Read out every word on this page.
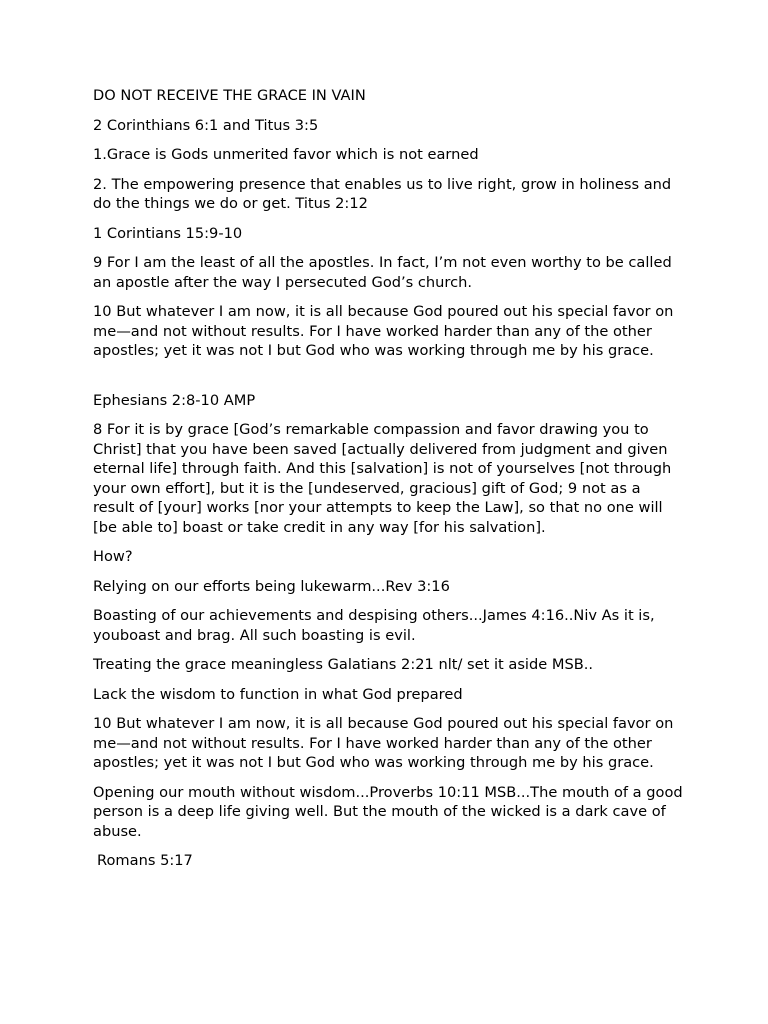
DO NOT RECEIVE THE GRACE IN VAIN

2 Corinthians 6:1 and Titus 3:5

1.Grace is Gods unmerited favor which is not earned

2. The empowering presence that enables us to live right, grow in holiness and do the things we do or get. Titus 2:12

1 Corintians 15:9-10

9 For I am the least of all the apostles. In fact, I’m not even worthy to be called an apostle after the way I persecuted God’s church.

10 But whatever I am now, it is all because God poured out his special favor on me—and not without results. For I have worked harder than any of the other apostles; yet it was not I but God who was working through me by his grace.

Ephesians 2:8-10 AMP

8 For it is by grace [God’s remarkable compassion and favor drawing you to Christ] that you have been saved [actually delivered from judgment and given eternal life] through faith. And this [salvation] is not of yourselves [not through your own effort], but it is the [undeserved, gracious] gift of God; 9 not as a result of [your] works [nor your attempts to keep the Law], so that no one will [be able to] boast or take credit in any way [for his salvation].

How?

Relying on our efforts being lukewarm...Rev 3:16

Boasting of our achievements and despising others...James 4:16..Niv As it is, youboast and brag. All such boasting is evil.

Treating the grace meaningless Galatians 2:21 nlt/ set it aside MSB..

Lack the wisdom to function in what God prepared

10 But whatever I am now, it is all because God poured out his special favor on me—and not without results. For I have worked harder than any of the other apostles; yet it was not I but God who was working through me by his grace.

Opening our mouth without wisdom...Proverbs 10:11 MSB...The mouth of a good person is a deep life giving well. But the mouth of the wicked is a dark cave of abuse.

Romans 5:17
